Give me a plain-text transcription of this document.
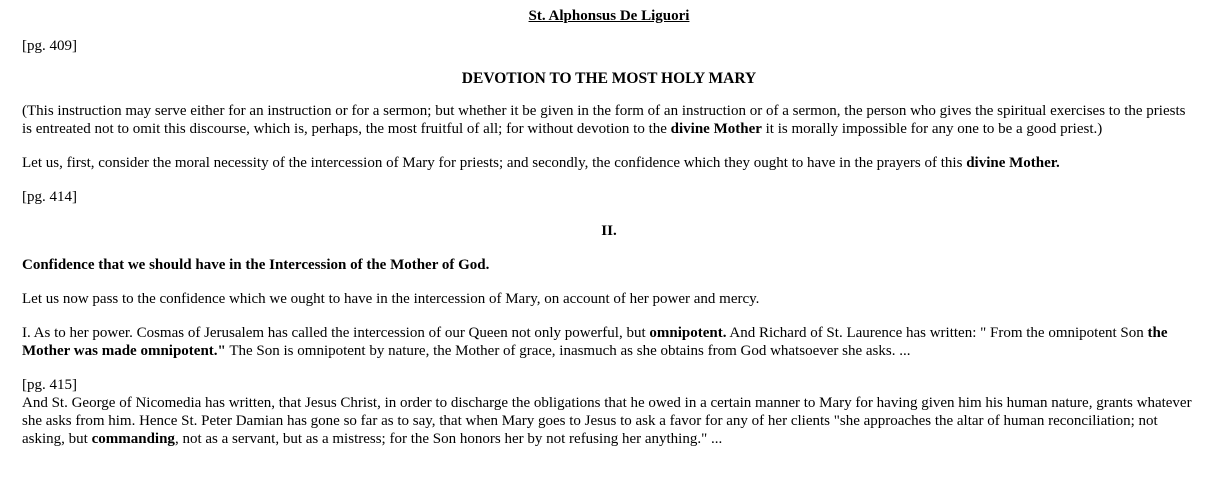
St. Alphonsus De Liguori
[pg. 409]
DEVOTION TO THE MOST HOLY MARY

(This instruction may serve either for an instruction or for a sermon; but whether it be given in the form of an instruction or of a sermon, the person who gives the spiritual exercises to the priests is entreated not to omit this discourse, which is, perhaps, the most fruitful of all; for without devotion to the divine Mother it is morally impossible for any one to be a good priest.)

Let us, first, consider the moral necessity of the intercession of Mary for priests; and secondly, the confidence which they ought to have in the prayers of this divine Mother.

[pg. 414]
II.
Confidence that we should have in the Intercession of the Mother of God.

Let us now pass to the confidence which we ought to have in the intercession of Mary, on account of her power and mercy.

I. As to her power. Cosmas of Jerusalem has called the intercession of our Queen not only powerful, but omnipotent. And Richard of St. Laurence has written: " From the omnipotent Son the Mother was made omnipotent." The Son is omnipotent by nature, the Mother of grace, inasmuch as she obtains from God whatsoever she asks. ...

[pg. 415]
And St. George of Nicomedia has written, that Jesus Christ, in order to discharge the obligations that he owed in a certain manner to Mary for having given him his human nature, grants whatever she asks from him. Hence St. Peter Damian has gone so far as to say, that when Mary goes to Jesus to ask a favor for any of her clients "she approaches the altar of human reconciliation; not asking, but commanding, not as a servant, but as a mistress; for the Son honors her by not refusing her anything." ...
